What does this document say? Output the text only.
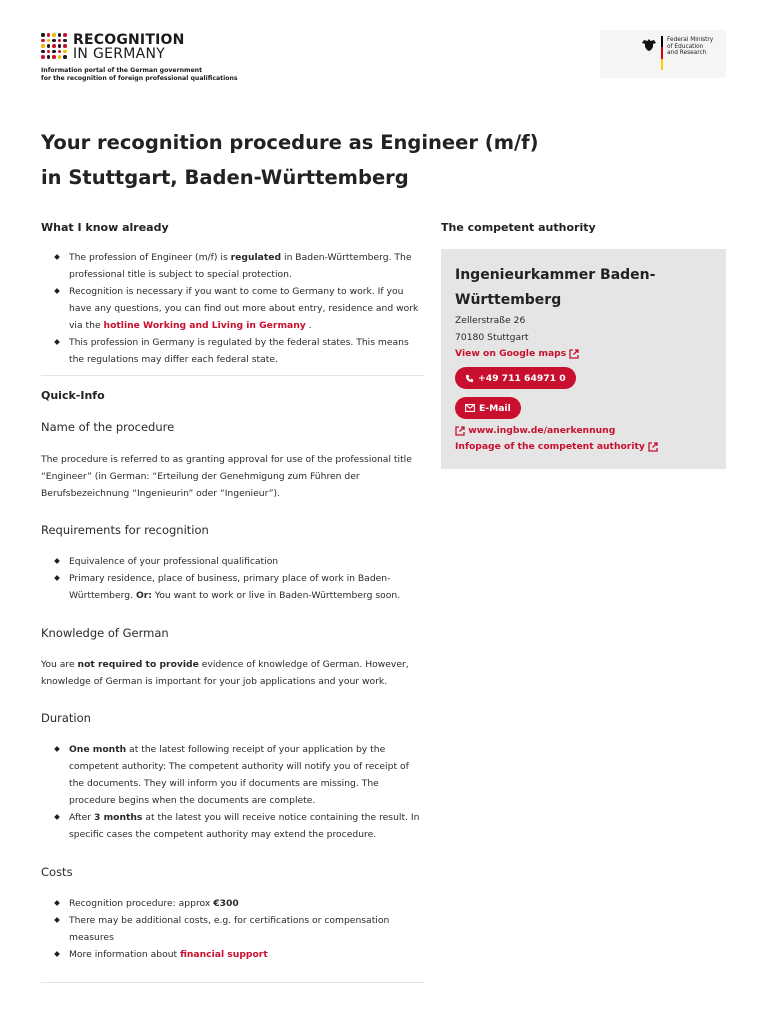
RECOGNITION
IN GERMANY
Information portal of the German government
for the recognition of foreign professional qualifications
Federal Ministry
of Education
and Research
Your recognition procedure as Engineer (m/f)
in Stuttgart, Baden-Württemberg
What I know already
The profession of Engineer (m/f) is regulated in Baden-Württemberg. The professional title is subject to special protection.
Recognition is necessary if you want to come to Germany to work. If you have any questions, you can find out more about entry, residence and work via the hotline Working and Living in Germany .
This profession in Germany is regulated by the federal states. This means the regulations may differ each federal state.
Quick-Info
Name of the procedure

The procedure is referred to as granting approval for use of the professional title “Engineer” (in German: “Erteilung der Genehmigung zum Führen der Berufsbezeichnung “Ingenieurin” oder “Ingenieur”).

Requirements for recognition
Equivalence of your professional qualification
Primary residence, place of business, primary place of work in Baden-Württemberg. Or: You want to work or live in Baden-Württemberg soon.
Knowledge of German

You are not required to provide evidence of knowledge of German. However, knowledge of German is important for your job applications and your work.

Duration
One month at the latest following receipt of your application by the competent authority: The competent authority will notify you of receipt of the documents. They will inform you if documents are missing. The procedure begins when the documents are complete.
After 3 months at the latest you will receive notice containing the result. In specific cases the competent authority may extend the procedure.
Costs
Recognition procedure: approx €300
There may be additional costs, e.g. for certifications or compensation measures
More information about financial support
The competent authority
Ingenieurkammer Baden-Württemberg
Zellerstraße 26
70180 Stuttgart
View on Google maps
+49 711 64971 0
E-Mail
www.ingbw.de/anerkennung
Infopage of the competent authority
